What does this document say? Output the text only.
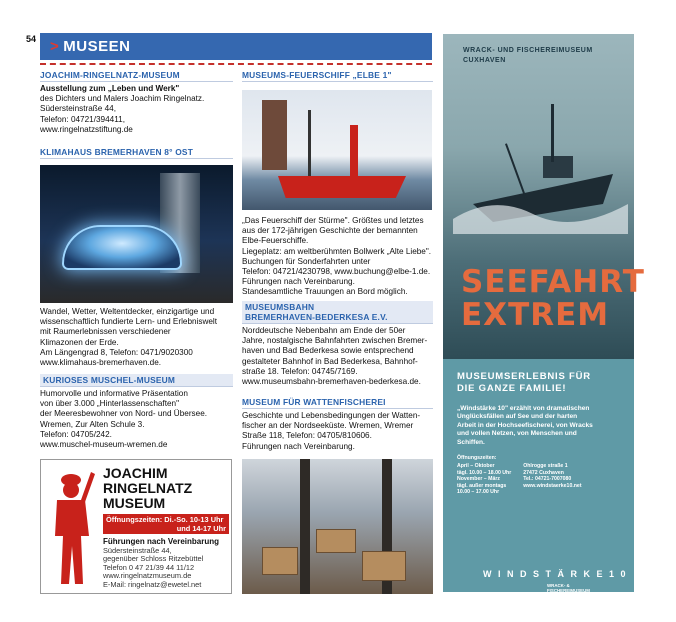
54 > MUSEEN
JOACHIM-RINGELNATZ-MUSEUM

Ausstellung zum „Leben und Werk"

des Dichters und Malers Joachim Ringelnatz.

Südersteinstraße 44,

Telefon: 04721/394411,

www.ringelnatzstiftung.de

KLIMAHAUS BREMERHAVEN 8° OST

Wandel, Wetter, Weltentdecker, einzigartige und

wissenschaftlich fundierte Lern- und Erlebniswelt

mit Raumerlebnissen verschiedener

Klimazonen der Erde.

Am Längengrad 8, Telefon: 0471/9020300

www.klimahaus-bremerhaven.de.

KURIOSES MUSCHEL-MUSEUM

Humorvolle und informative Präsentation

von über 3.000 „Hinterlassenschaften"

der Meeresbewohner von Nord- und Übersee.

Wremen, Zur Alten Schule 3.

Telefon: 04705/242.

www.muschel-museum-wremen.de

JOACHIM
RINGELNATZ
MUSEUM
Öffnungszeiten: Di.-So. 10-13 Uhr
und 14-17 Uhr
Führungen nach Vereinbarung
Südersteinstraße 44,
gegenüber Schloss Ritzebüttel
Telefon 0 47 21/39 44 11/12
www.ringelnatzmuseum.de
E-Mail: ringelnatz@ewetel.net
MUSEUMS-FEUERSCHIFF „ELBE 1"

„Das Feuerschiff der Stürme". Größtes und letztes

aus der 172-jährigen Geschichte der bemannten

Elbe-Feuerschiffe.

Liegeplatz: am weltberühmten Bollwerk „Alte Liebe".

Buchungen für Sonderfahrten unter

Telefon: 04721/4230798, www.buchung@elbe-1.de.

Führungen nach Vereinbarung.

Standesamtliche Trauungen an Bord möglich.

MUSEUMSBAHN
BREMERHAVEN-BEDERKESA E.V.

Norddeutsche Nebenbahn am Ende der 50er

Jahre, nostalgische Bahnfahrten zwischen Bremer-

haven und Bad Bederkesa sowie entsprechend

gestalteter Bahnhof in Bad Bederkesa, Bahnhof-

straße 18. Telefon: 04745/7169.

www.museumsbahn-bremerhaven-bederkesa.de.

MUSEUM FÜR WATTENFISCHEREI

Geschichte und Lebensbedingungen der Watten-

fischer an der Nordseeküste. Wremen, Wremer

Straße 118, Telefon: 04705/810606.

Führungen nach Vereinbarung.

WRACK- UND FISCHEREIMUSEUM
CUXHAVEN
SEEFAHRT
EXTREM
MUSEUMSERLEBNIS FÜR
DIE GANZE FAMILIE!
„Windstärke 10" erzählt von dramatischen
Unglücksfällen auf See und der harten
Arbeit in der Hochseefischerei, von Wracks
und vollen Netzen, von Menschen und
Schiffen.
Öffnungszeiten:
April – Oktober
tägl. 10.00 – 18.00 Uhr
November – März
tägl. außer montags
10.00 – 17.00 Uhr
Ohlrogge straße 1
27472 Cuxhaven
Tel.: 04721-7007080
www.windstaerke10.net
W I N D S T Ä R K E 1 0
WRACK- &
FISCHEREIMUSEUM
CUXHAVEN
